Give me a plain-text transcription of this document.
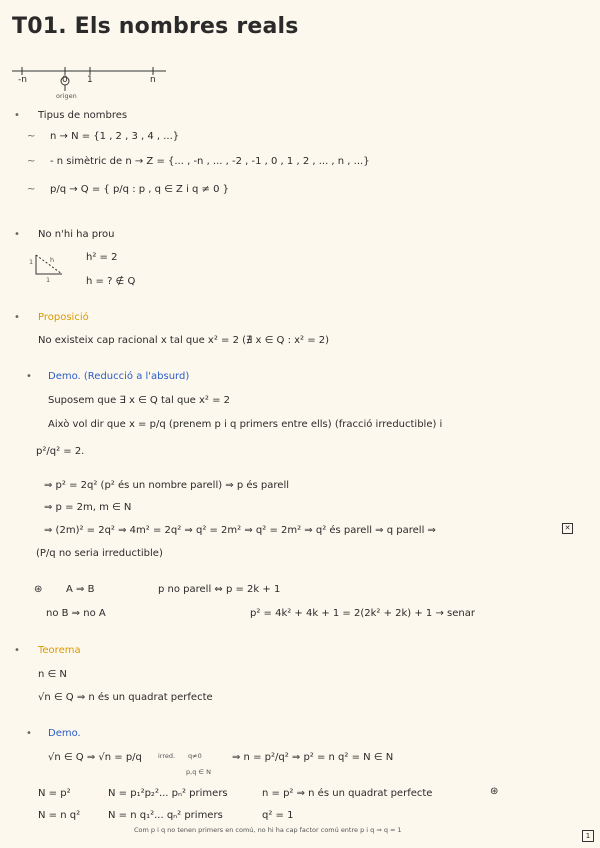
T01. Els nombres reals
-n	0 1	n
origen
• Tipus de nombres
~ n → N = {1 , 2 , 3 , 4 , ...}
~ - n simètric de n → Z = {... , -n , ... , -2 , -1 , 0 , 1 , 2 , ... , n , ...}
~ p/q → Q = { p/q : p , q ∈ Z i q ≠ 0 }
• No n'hi ha prou
1
1
h	h² = 2
h = ? ∉ Q
• Proposició
No existeix cap racional x tal que x² = 2 (∄ x ∈ Q : x² = 2)
• Demo. (Reducció a l'absurd)
Suposem que ∃ x ∈ Q tal que x² = 2
Això vol dir que x = p/q (prenem p i q primers entre ells) (fracció irreductible) i
p²/q² = 2.
⇒ p² = 2q² (p² és un nombre parell) ⇒ p és parell
⇒ p = 2m, m ∈ N
⇒ (2m)² = 2q² ⇒ 4m² = 2q² ⇒ q² = 2m² ⇒ q² = 2m² ⇒ q² és parell ⇒ q parell ⇒	✕
(P/q no seria irreductible)
⊛ A ⇒ B	p no parell ⇔ p = 2k + 1
no B ⇒ no A	p² = 4k² + 4k + 1 = 2(2k² + 2k) + 1 → senar
• Teorema
n ∈ N
√n ∈ Q ⇒ n és un quadrat perfecte
• Demo.
√n ∈ Q ⇒ √n = p/q irred. q≠0
p,q ∈ N
⇒ n = p²/q² ⇒ p² = n q² = N ∈ N
N = p²	N = p₁²p₂²... pₙ² primers	n = p² ⇒ n és un quadrat perfecte	⊛
N = n q²	N = n q₁²... qₙ² primers	q² = 1
Com p i q no tenen primers en comú, no hi ha cap factor comú entre p i q ⇒ q = 1
1
